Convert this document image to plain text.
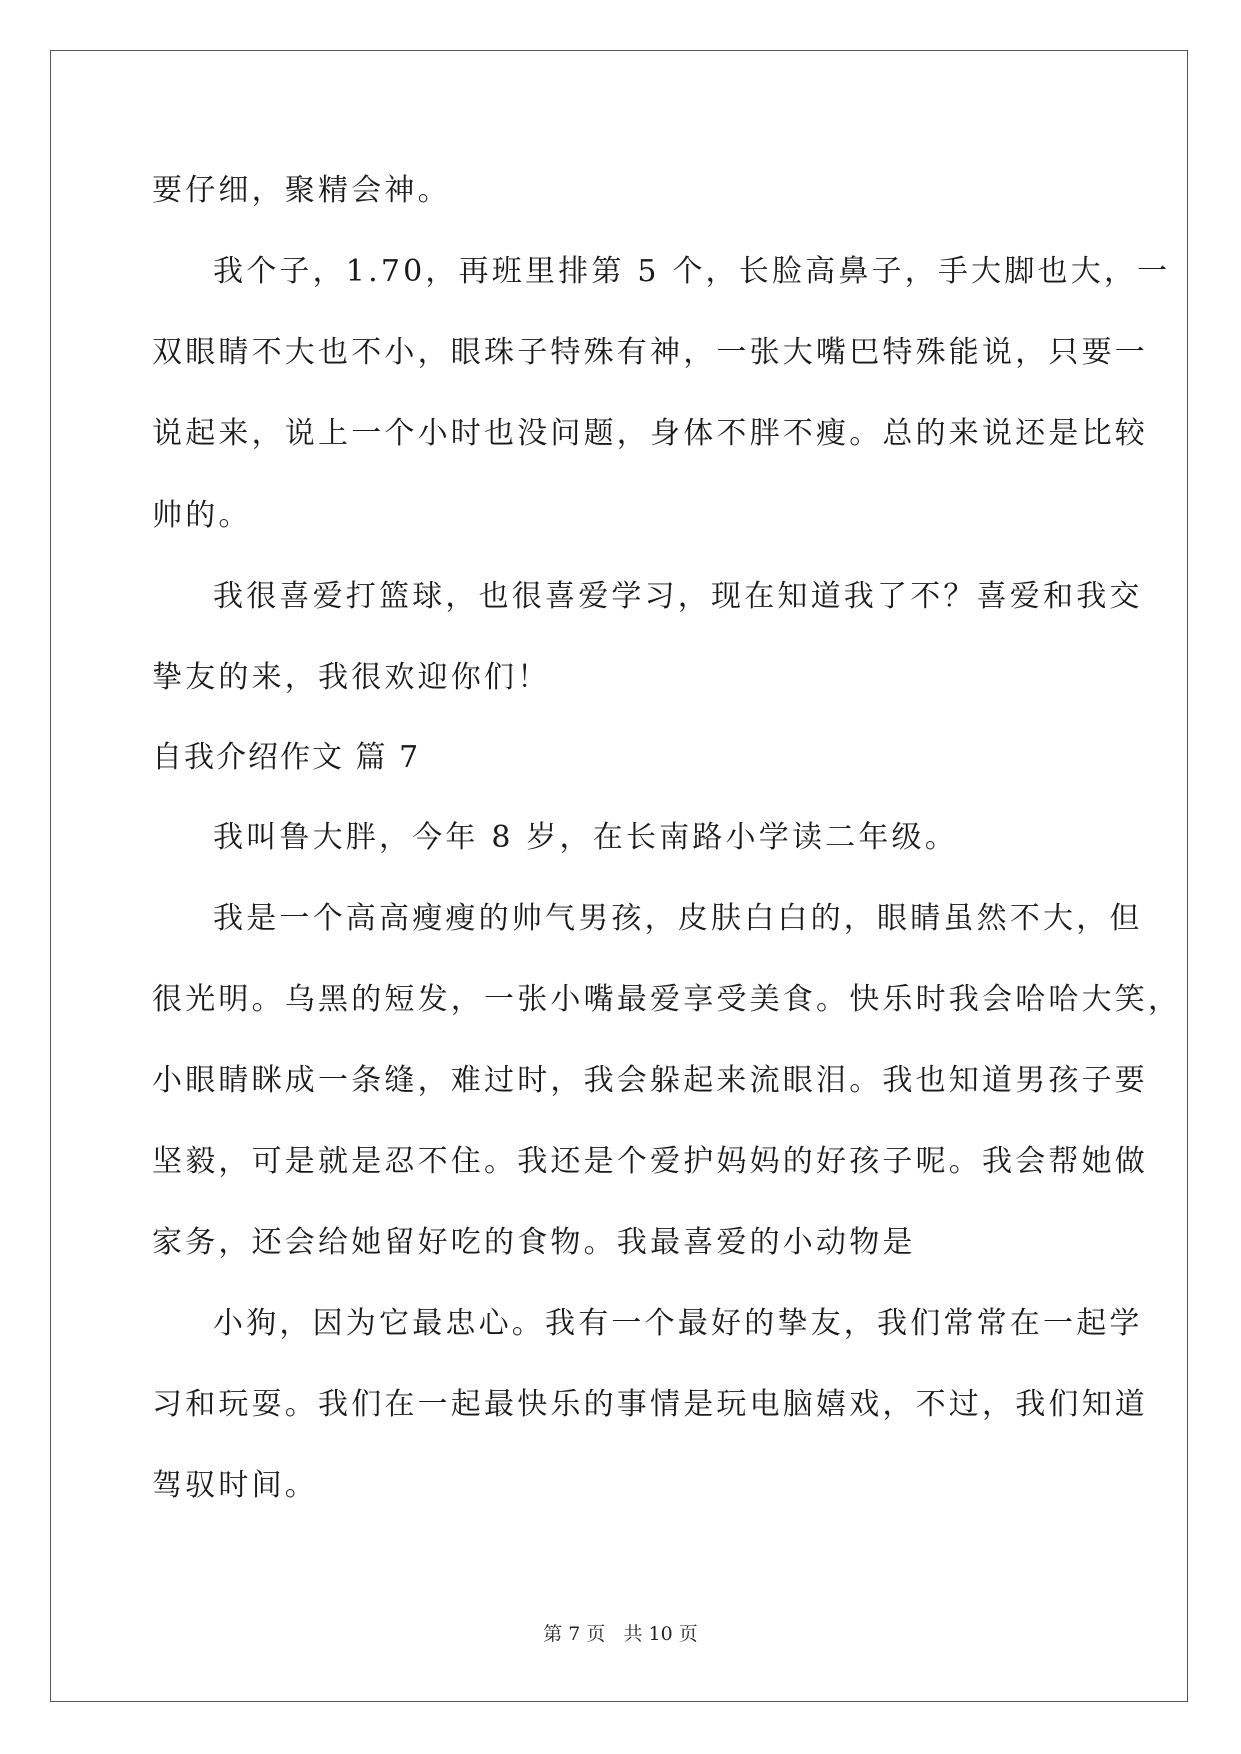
要仔细，聚精会神。
我个子，1.70，再班里排第 5 个，长脸高鼻子，手大脚也大，一
双眼睛不大也不小，眼珠子特殊有神，一张大嘴巴特殊能说，只要一
说起来，说上一个小时也没问题，身体不胖不瘦。总的来说还是比较
帅的。
我很喜爱打篮球，也很喜爱学习，现在知道我了不？喜爱和我交
挚友的来，我很欢迎你们！
自我介绍作文 篇 7
我叫鲁大胖，今年 8 岁，在长南路小学读二年级。
我是一个高高瘦瘦的帅气男孩，皮肤白白的，眼睛虽然不大，但
很光明。乌黑的短发，一张小嘴最爱享受美食。快乐时我会哈哈大笑，
小眼睛眯成一条缝，难过时，我会躲起来流眼泪。我也知道男孩子要
坚毅，可是就是忍不住。我还是个爱护妈妈的好孩子呢。我会帮她做
家务，还会给她留好吃的食物。我最喜爱的小动物是
小狗，因为它最忠心。我有一个最好的挚友，我们常常在一起学
习和玩耍。我们在一起最快乐的事情是玩电脑嬉戏，不过，我们知道
驾驭时间。
第 7 页 共 10 页
